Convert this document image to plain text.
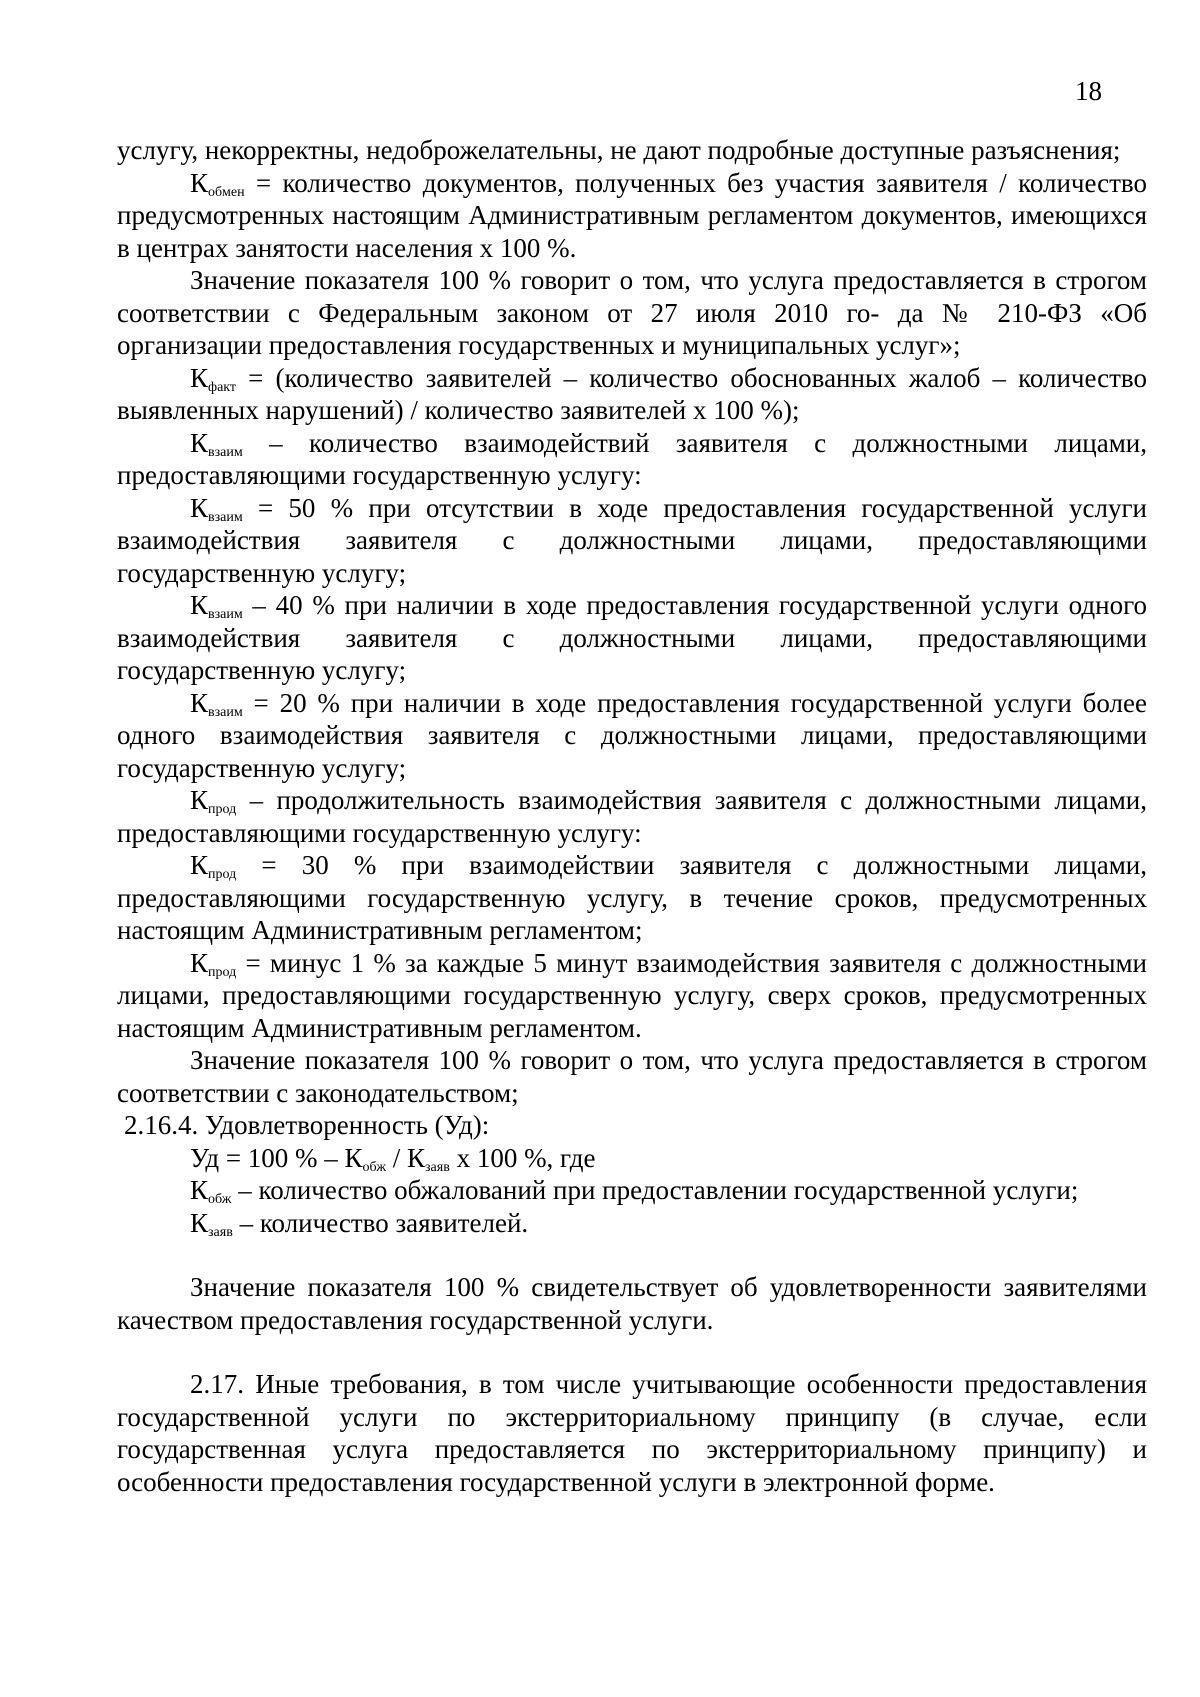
18

услугу, некорректны, недоброжелательны, не дают подробные доступные разъяснения;

Кобмен = количество документов, полученных без участия заявителя / количество предусмотренных настоящим Административным регламентом документов, имеющихся в центрах занятости населения х 100 %.

Значение показателя 100 % говорит о том, что услуга предоставляется в строгом соответствии с Федеральным законом от 27 июля 2010 го- да № 210-ФЗ «Об организации предоставления государственных и муниципальных услуг»;

Кфакт = (количество заявителей – количество обоснованных жалоб – количество выявленных нарушений) / количество заявителей х 100 %);

Квзаим – количество взаимодействий заявителя с должностными лицами, предоставляющими государственную услугу:

Квзаим = 50 % при отсутствии в ходе предоставления государственной услуги взаимодействия заявителя с должностными лицами, предоставляющими государственную услугу;

Квзаим – 40 % при наличии в ходе предоставления государственной услуги одного взаимодействия заявителя с должностными лицами, предоставляющими государственную услугу;

Квзаим = 20 % при наличии в ходе предоставления государственной услуги более одного взаимодействия заявителя с должностными лицами, предоставляющими государственную услугу;

Кпрод – продолжительность взаимодействия заявителя с должностными лицами, предоставляющими государственную услугу:

Кпрод = 30 % при взаимодействии заявителя с должностными лицами, предоставляющими государственную услугу, в течение сроков, предусмотренных настоящим Административным регламентом;

Кпрод = минус 1 % за каждые 5 минут взаимодействия заявителя с должностными лицами, предоставляющими государственную услугу, сверх сроков, предусмотренных настоящим Административным регламентом.

Значение показателя 100 % говорит о том, что услуга предоставляется в строгом соответствии с законодательством;

2.16.4. Удовлетворенность (Уд):

Уд = 100 % – Кобж / Кзаяв х 100 %, где

Кобж – количество обжалований при предоставлении государственной услуги;

Кзаяв – количество заявителей.

Значение показателя 100 % свидетельствует об удовлетворенности заявителями качеством предоставления государственной услуги.

2.17. Иные требования, в том числе учитывающие особенности предоставления государственной услуги по экстерриториальному принципу (в случае, если государственная услуга предоставляется по экстерриториальному принципу) и особенности предоставления государственной услуги в электронной форме.
